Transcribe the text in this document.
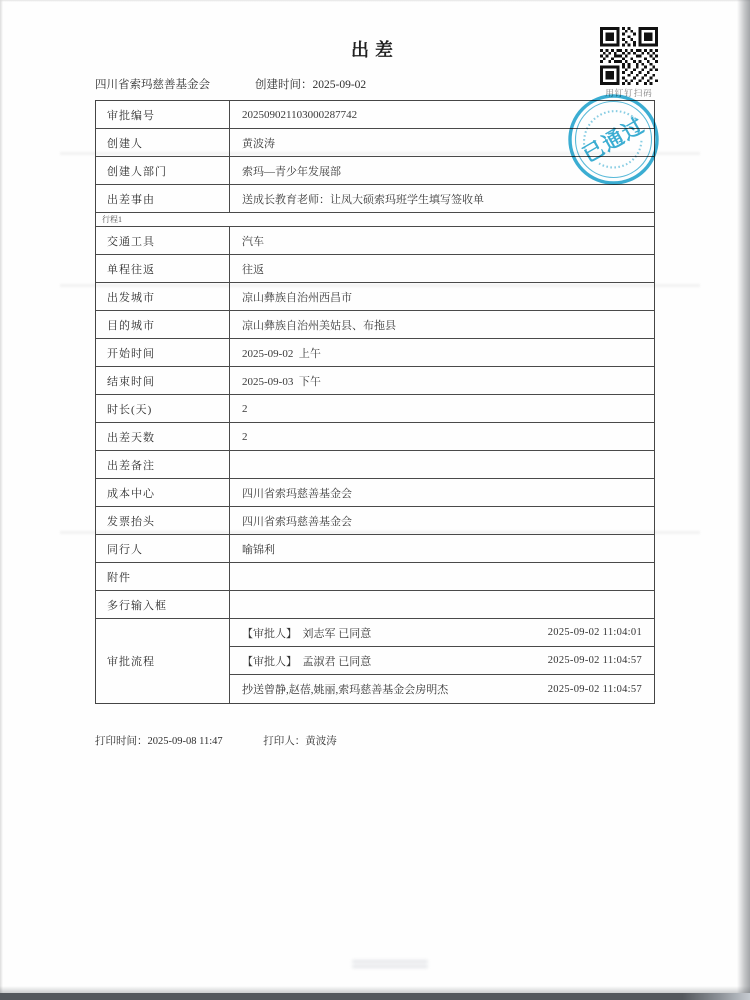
出差
四川省索玛慈善基金会	创建时间：2025-09-02
用钉钉扫码
已通过
审批编号	202509021103000287742
创建人	黄波涛
创建人部门	索玛—青少年发展部
出差事由	送成长教育老师：让凤大硕索玛班学生填写签收单
行程1
交通工具	汽车
单程往返	往返
出发城市	凉山彝族自治州西昌市
目的城市	凉山彝族自治州美姑县、布拖县
开始时间	2025-09-02  上午
结束时间	2025-09-03  下午
时长(天)	2
出差天数	2
出差备注
成本中心	四川省索玛慈善基金会
发票抬头	四川省索玛慈善基金会
同行人	喻锦利
附件
多行输入框
审批流程
【审批人】  刘志军 已同意	2025-09-02 11:04:01
【审批人】  孟淑君 已同意	2025-09-02 11:04:57
抄送曾静,赵蓓,姚丽,索玛慈善基金会房明杰	2025-09-02 11:04:57
打印时间：2025-09-08 11:47	打印人：黄波涛
